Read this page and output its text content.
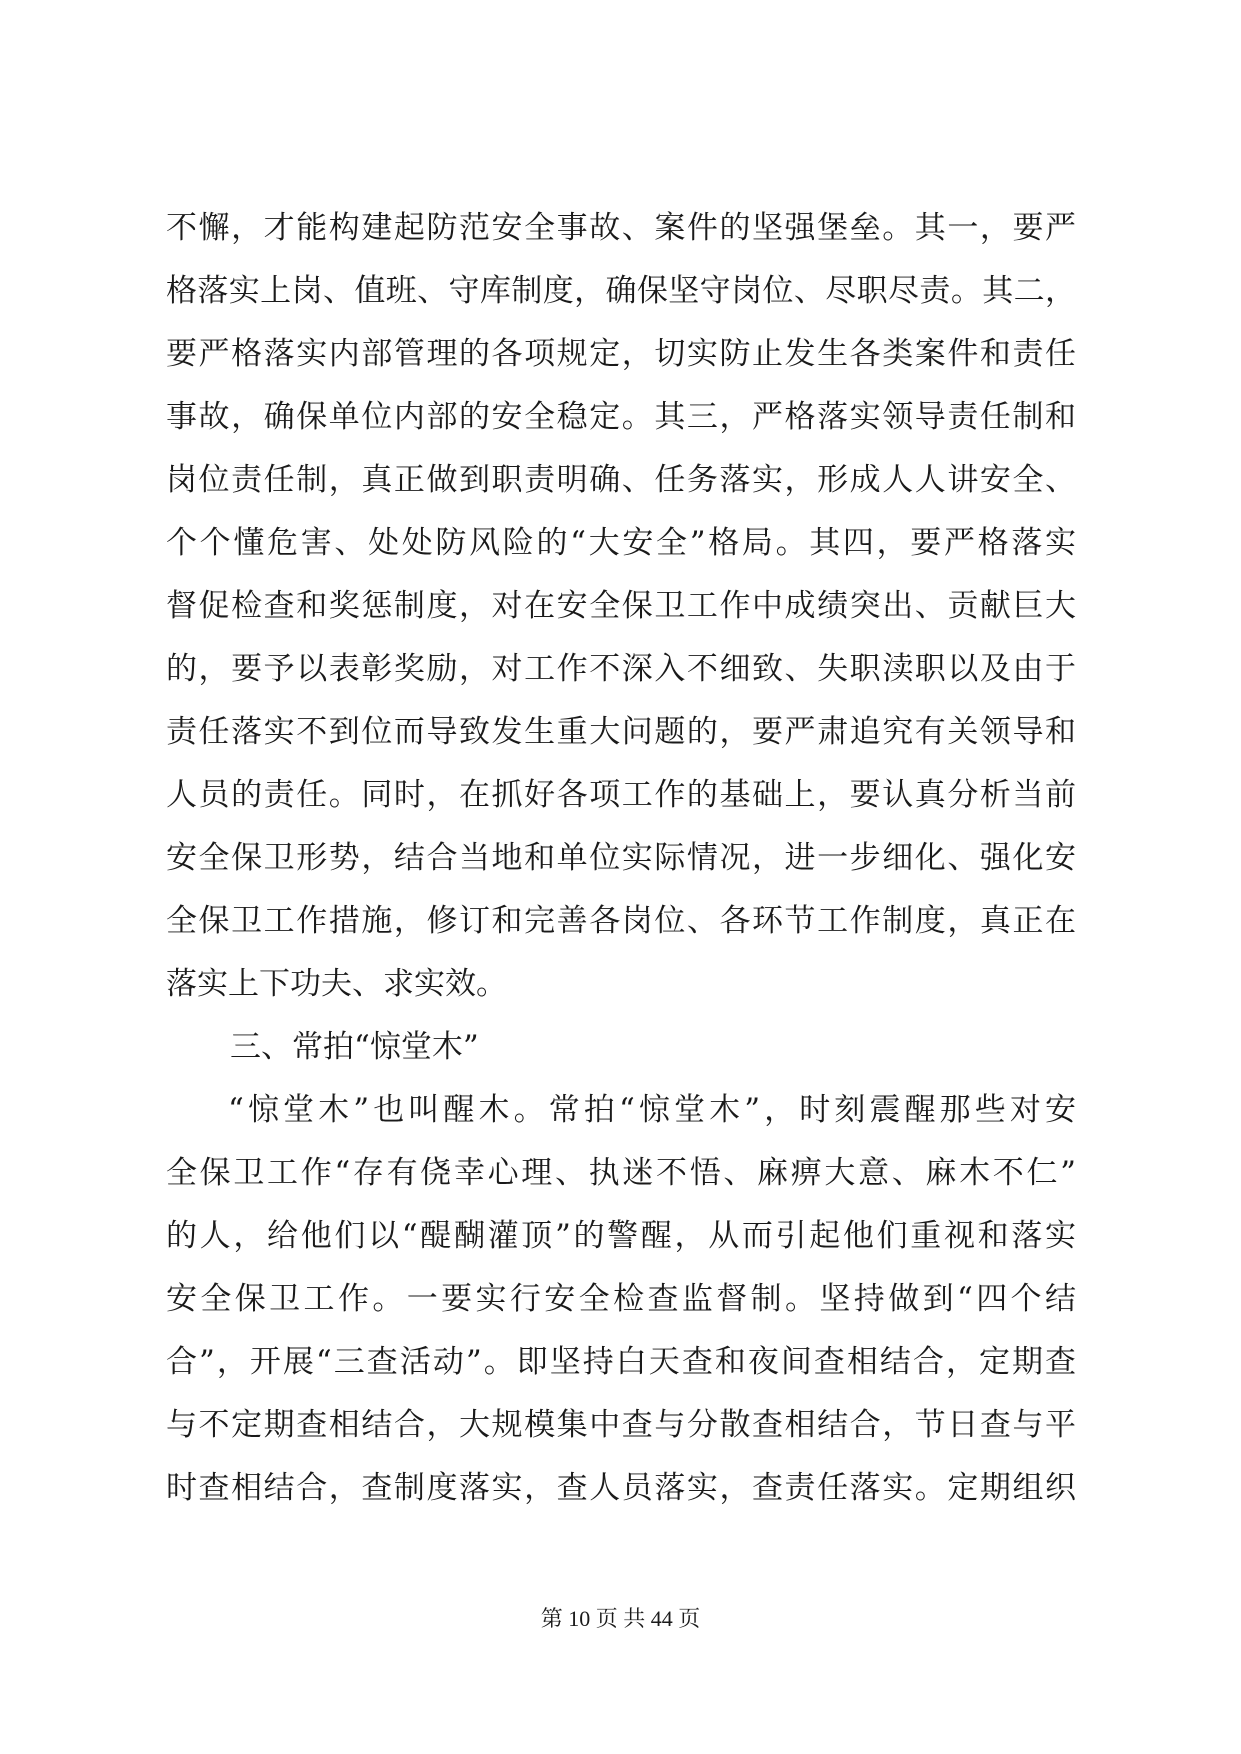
不懈，才能构建起防范安全事故、案件的坚强堡垒。其一，要严
格落实上岗、值班、守库制度，确保坚守岗位、尽职尽责。其二，
要严格落实内部管理的各项规定，切实防止发生各类案件和责任
事故，确保单位内部的安全稳定。其三，严格落实领导责任制和
岗位责任制，真正做到职责明确、任务落实，形成人人讲安全、
个个懂危害、处处防风险的“大安全”格局。其四，要严格落实
督促检查和奖惩制度，对在安全保卫工作中成绩突出、贡献巨大
的，要予以表彰奖励，对工作不深入不细致、失职渎职以及由于
责任落实不到位而导致发生重大问题的，要严肃追究有关领导和
人员的责任。同时，在抓好各项工作的基础上，要认真分析当前
安全保卫形势，结合当地和单位实际情况，进一步细化、强化安
全保卫工作措施，修订和完善各岗位、各环节工作制度，真正在
落实上下功夫、求实效。
三、常拍“惊堂木”
“惊堂木”也叫醒木。常拍“惊堂木”，时刻震醒那些对安
全保卫工作“存有侥幸心理、执迷不悟、麻痹大意、麻木不仁”
的人，给他们以“醍醐灌顶”的警醒，从而引起他们重视和落实
安全保卫工作。一要实行安全检查监督制。坚持做到“四个结
合”，开展“三查活动”。即坚持白天查和夜间查相结合，定期查
与不定期查相结合，大规模集中查与分散查相结合，节日查与平
时查相结合，查制度落实，查人员落实，查责任落实。定期组织
第 10 页 共 44 页
